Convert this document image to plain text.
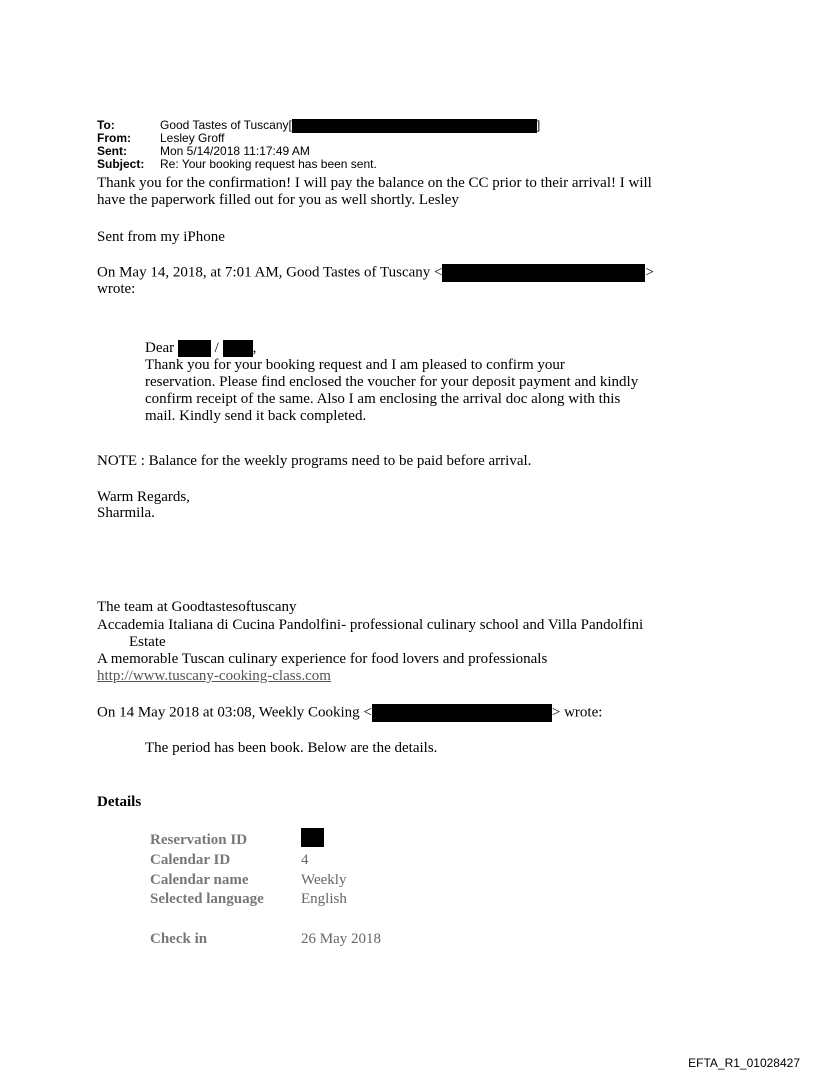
To:	Good Tastes of Tuscany[	]
From: Lesley Groff
Sent:	Mon 5/14/2018 11:17:49 AM
Subject: Re: Your booking request has been sent.
Thank you for the confirmation! I will pay the balance on the CC prior to their arrival! I will
have the paperwork filled out for you as well shortly. Lesley
Sent from my iPhone
On May 14, 2018, at 7:01 AM, Good Tastes of Tuscany <	>
wrote:
Dear	/ ,
Thank you for your booking request and I am pleased to confirm your
reservation. Please find enclosed the voucher for your deposit payment and kindly
confirm receipt of the same. Also I am enclosing the arrival doc along with this
mail. Kindly send it back completed.
NOTE : Balance for the weekly programs need to be paid before arrival.
Warm Regards,
Sharmila.
The team at Goodtastesoftuscany
Accademia Italiana di Cucina Pandolfini- professional culinary school and Villa Pandolfini
Estate
A memorable Tuscan culinary experience for food lovers and professionals
http://www.tuscany-cooking-class.com
On 14 May 2018 at 03:08, Weekly Cooking <	> wrote:
The period has been book. Below are the details.
Details
Reservation ID
Calendar ID	4
Calendar name	Weekly
Selected language English
Check in	26 May 2018
EFTA_R1_01028427
